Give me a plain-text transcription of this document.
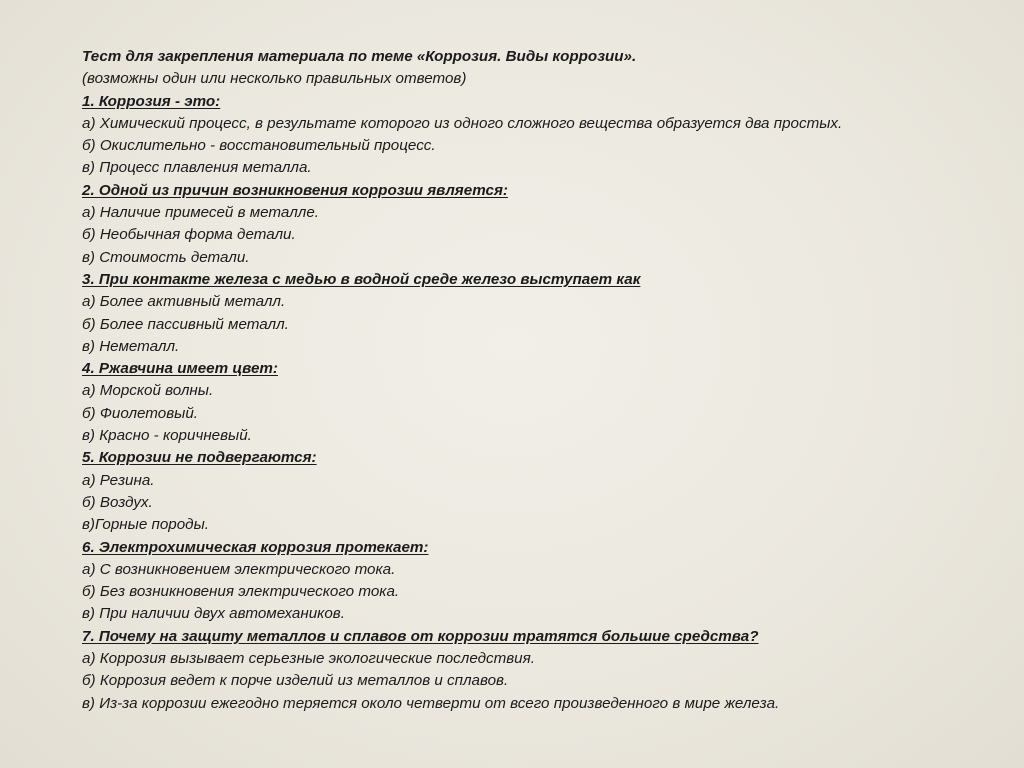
Тест для закрепления материала по теме «Коррозия. Виды коррозии».
(возможны один или несколько правильных ответов)
1. Коррозия - это:
а) Химический процесс, в результате которого из одного сложного вещества образуется два простых.
б) Окислительно - восстановительный процесс.
в) Процесс плавления металла.
2. Одной из причин возникновения коррозии является:
а) Наличие примесей в металле.
б) Необычная форма детали.
в) Стоимость детали.
3. При контакте железа с медью в водной среде железо выступает как
а) Более активный металл.
б) Более пассивный металл.
в) Неметалл.
4. Ржавчина имеет цвет:
а) Морской волны.
б) Фиолетовый.
в) Красно - коричневый.
5. Коррозии не подвергаются:
а) Резина.
б) Воздух.
в)Горные породы.
6. Электрохимическая коррозия протекает:
а) С возникновением электрического тока.
б) Без возникновения электрического тока.
в) При наличии двух автомехаников.
7. Почему на защиту металлов и сплавов от коррозии тратятся большие средства?
а) Коррозия вызывает серьезные экологические последствия.
б) Коррозия ведет к порче изделий из металлов и сплавов.
в) Из-за коррозии ежегодно теряется около четверти от всего произведенного в мире железа.
